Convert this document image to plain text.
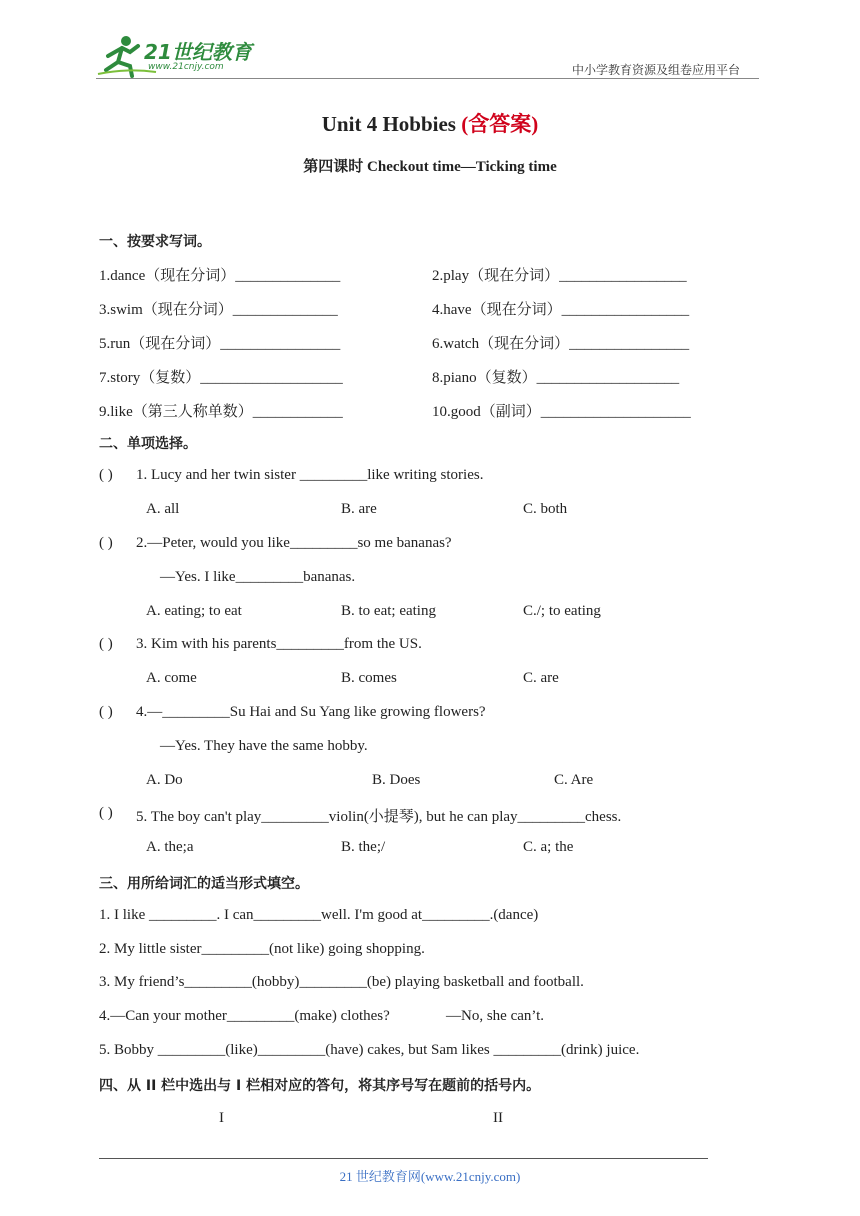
21世纪教育
www.21cnjy.com	中小学教育资源及组卷应用平台
Unit 4 Hobbies (含答案)
第四课时 Checkout time—Ticking time
一、按要求写词。
1.dance（现在分词）______________	2.play（现在分词）_________________
3.swim（现在分词）______________	4.have（现在分词）_________________
5.run（现在分词）________________	6.watch（现在分词）________________
7.story（复数）___________________	8.piano（复数）___________________
9.like（第三人称单数）____________	10.good（副词）____________________
二、单项选择。
( ) 1. Lucy and her twin sister _________like writing stories.
A. all	B. are	C. both
( ) 2.—Peter, would you like_________so me bananas?
—Yes. I like_________bananas.
A. eating; to eat	B. to eat; eating	C./; to eating
( ) 3. Kim with his parents_________from the US.
A. come	B. comes	C. are
( ) 4.—_________Su Hai and Su Yang like growing flowers?
—Yes. They have the same hobby.
A. Do	B. Does	C. Are
( ) 5. The boy can't play_________violin(小提琴), but he can play_________chess.
A. the;a	B. the;/	C. a; the
三、用所给词汇的适当形式填空。
1. I like _________. I can_________well. I'm good at_________.(dance)
2. My little sister_________(not like) going shopping.
3. My friend’s_________(hobby)_________(be) playing basketball and football.
4.—Can your mother_________(make) clothes?	—No, she can’t.
5. Bobby _________(like)_________(have) cakes, but Sam likes _________(drink) juice.
四、从 II 栏中选出与 I 栏相对应的答句，将其序号写在题前的括号内。
I	II
21 世纪教育网(www.21cnjy.com)
